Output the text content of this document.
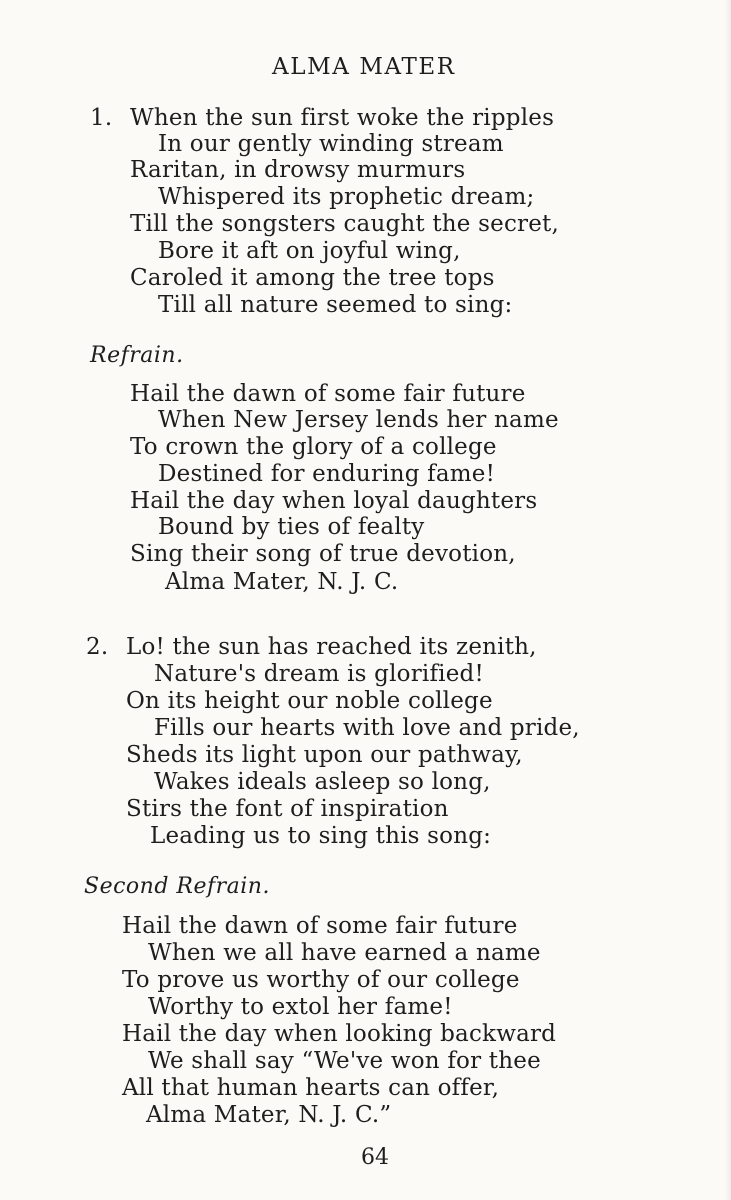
ALMA MATER
1. When the sun first woke the ripples
In our gently winding stream
Raritan, in drowsy murmurs
Whispered its prophetic dream;
Till the songsters caught the secret,
Bore it aft on joyful wing,
Caroled it among the tree tops
Till all nature seemed to sing:
Refrain.
Hail the dawn of some fair future
When New Jersey lends her name
To crown the glory of a college
Destined for enduring fame!
Hail the day when loyal daughters
Bound by ties of fealty
Sing their song of true devotion,
Alma Mater, N. J. C.
2. Lo! the sun has reached its zenith,
Nature's dream is glorified!
On its height our noble college
Fills our hearts with love and pride,
Sheds its light upon our pathway,
Wakes ideals asleep so long,
Stirs the font of inspiration
Leading us to sing this song:
Second Refrain.
Hail the dawn of some fair future
When we all have earned a name
To prove us worthy of our college
Worthy to extol her fame!
Hail the day when looking backward
We shall say “We've won for thee
All that human hearts can offer,
Alma Mater, N. J. C.”
64
